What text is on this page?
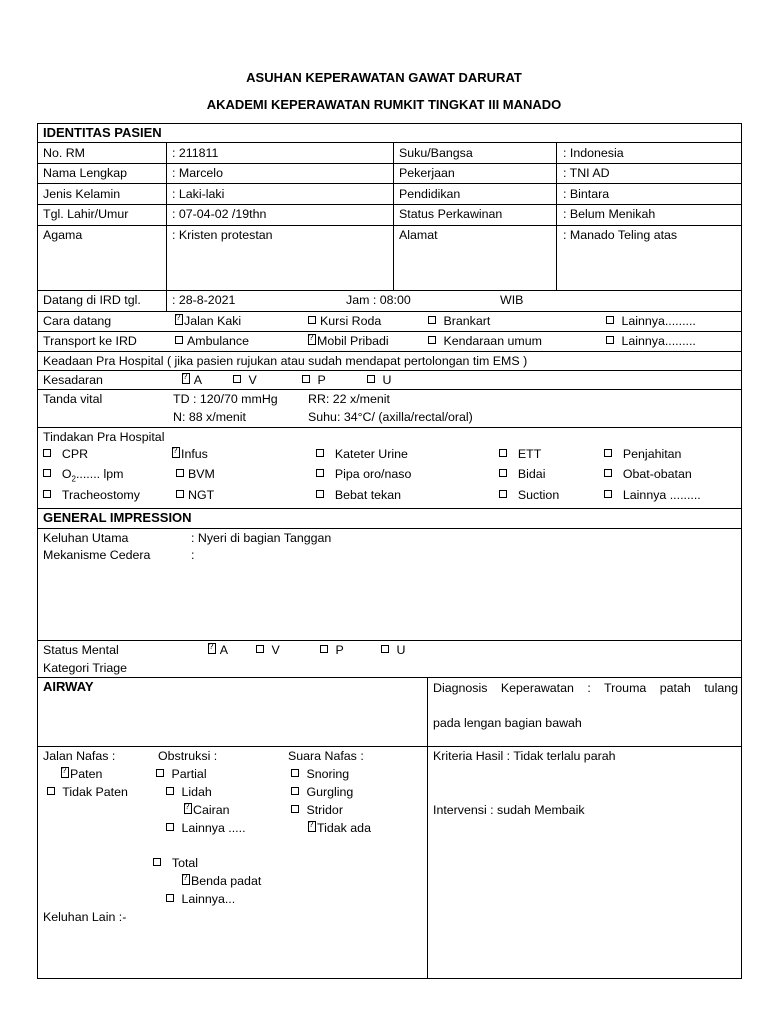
ASUHAN KEPERAWATAN GAWAT DARURAT
AKADEMI KEPERAWATAN RUMKIT TINGKAT III MANADO
IDENTITAS PASIEN
No. RM	: 211811	Suku/Bangsa	: Indonesia
Nama Lengkap	: Marcelo	Pekerjaan	: TNI AD
Jenis Kelamin	: Laki-laki	Pendidikan	: Bintara
Tgl. Lahir/Umur	: 07-04-02 /19thn	Status Perkawinan	: Belum Menikah
Agama	: Kristen protestan	Alamat	: Manado Teling atas
Datang di IRD tgl.	: 28-8-2021	Jam : 08:00	WIB
Cara datang ?	Jalan Kaki	Kursi Roda	Brankart	Lainnya.........
Transport ke IRD	Ambulance ?	Mobil Pribadi	Kendaraan umum	Lainnya.........
Keadaan Pra Hospital ( jika pasien rujukan atau sudah mendapat pertolongan tim EMS )
Kesadaran ?	A	V	P	U
Tanda vital	TD : 120/70 mmHg RR: 22 x/menit
N: 88 x/menit	Suhu: 34°C/ (axilla/rectal/oral)
Tindakan Pra Hospital
CPR ?	Infus	Kateter Urine	ETT	Penjahitan
$O_2$....... lpm	BVM	Pipa oro/naso	Bidai	Obat-obatan
Tracheostomy	NGT	Bebat tekan	Suction	Lainnya .........
GENERAL IMPRESSION
Keluhan Utama	: Nyeri di bagian Tanggan
Mekanisme Cedera	:
Status Mental ?	A	V	P	U
Kategori Triage
AIRWAY	Diagnosis Keperawatan : Trouma patah tulang
pada lengan bagian bawah
Jalan Nafas :
?Paten
Tidak Paten
Keluhan Lain :-
Obstruksi :
Partial
Lidah
?Cairan
Lainnya .....
Total
?Benda padat
Lainnya...
Suara Nafas :
Snoring
Gurgling
Stridor
?Tidak ada
Kriteria Hasil : Tidak terlalu parah
Intervensi : sudah Membaik
